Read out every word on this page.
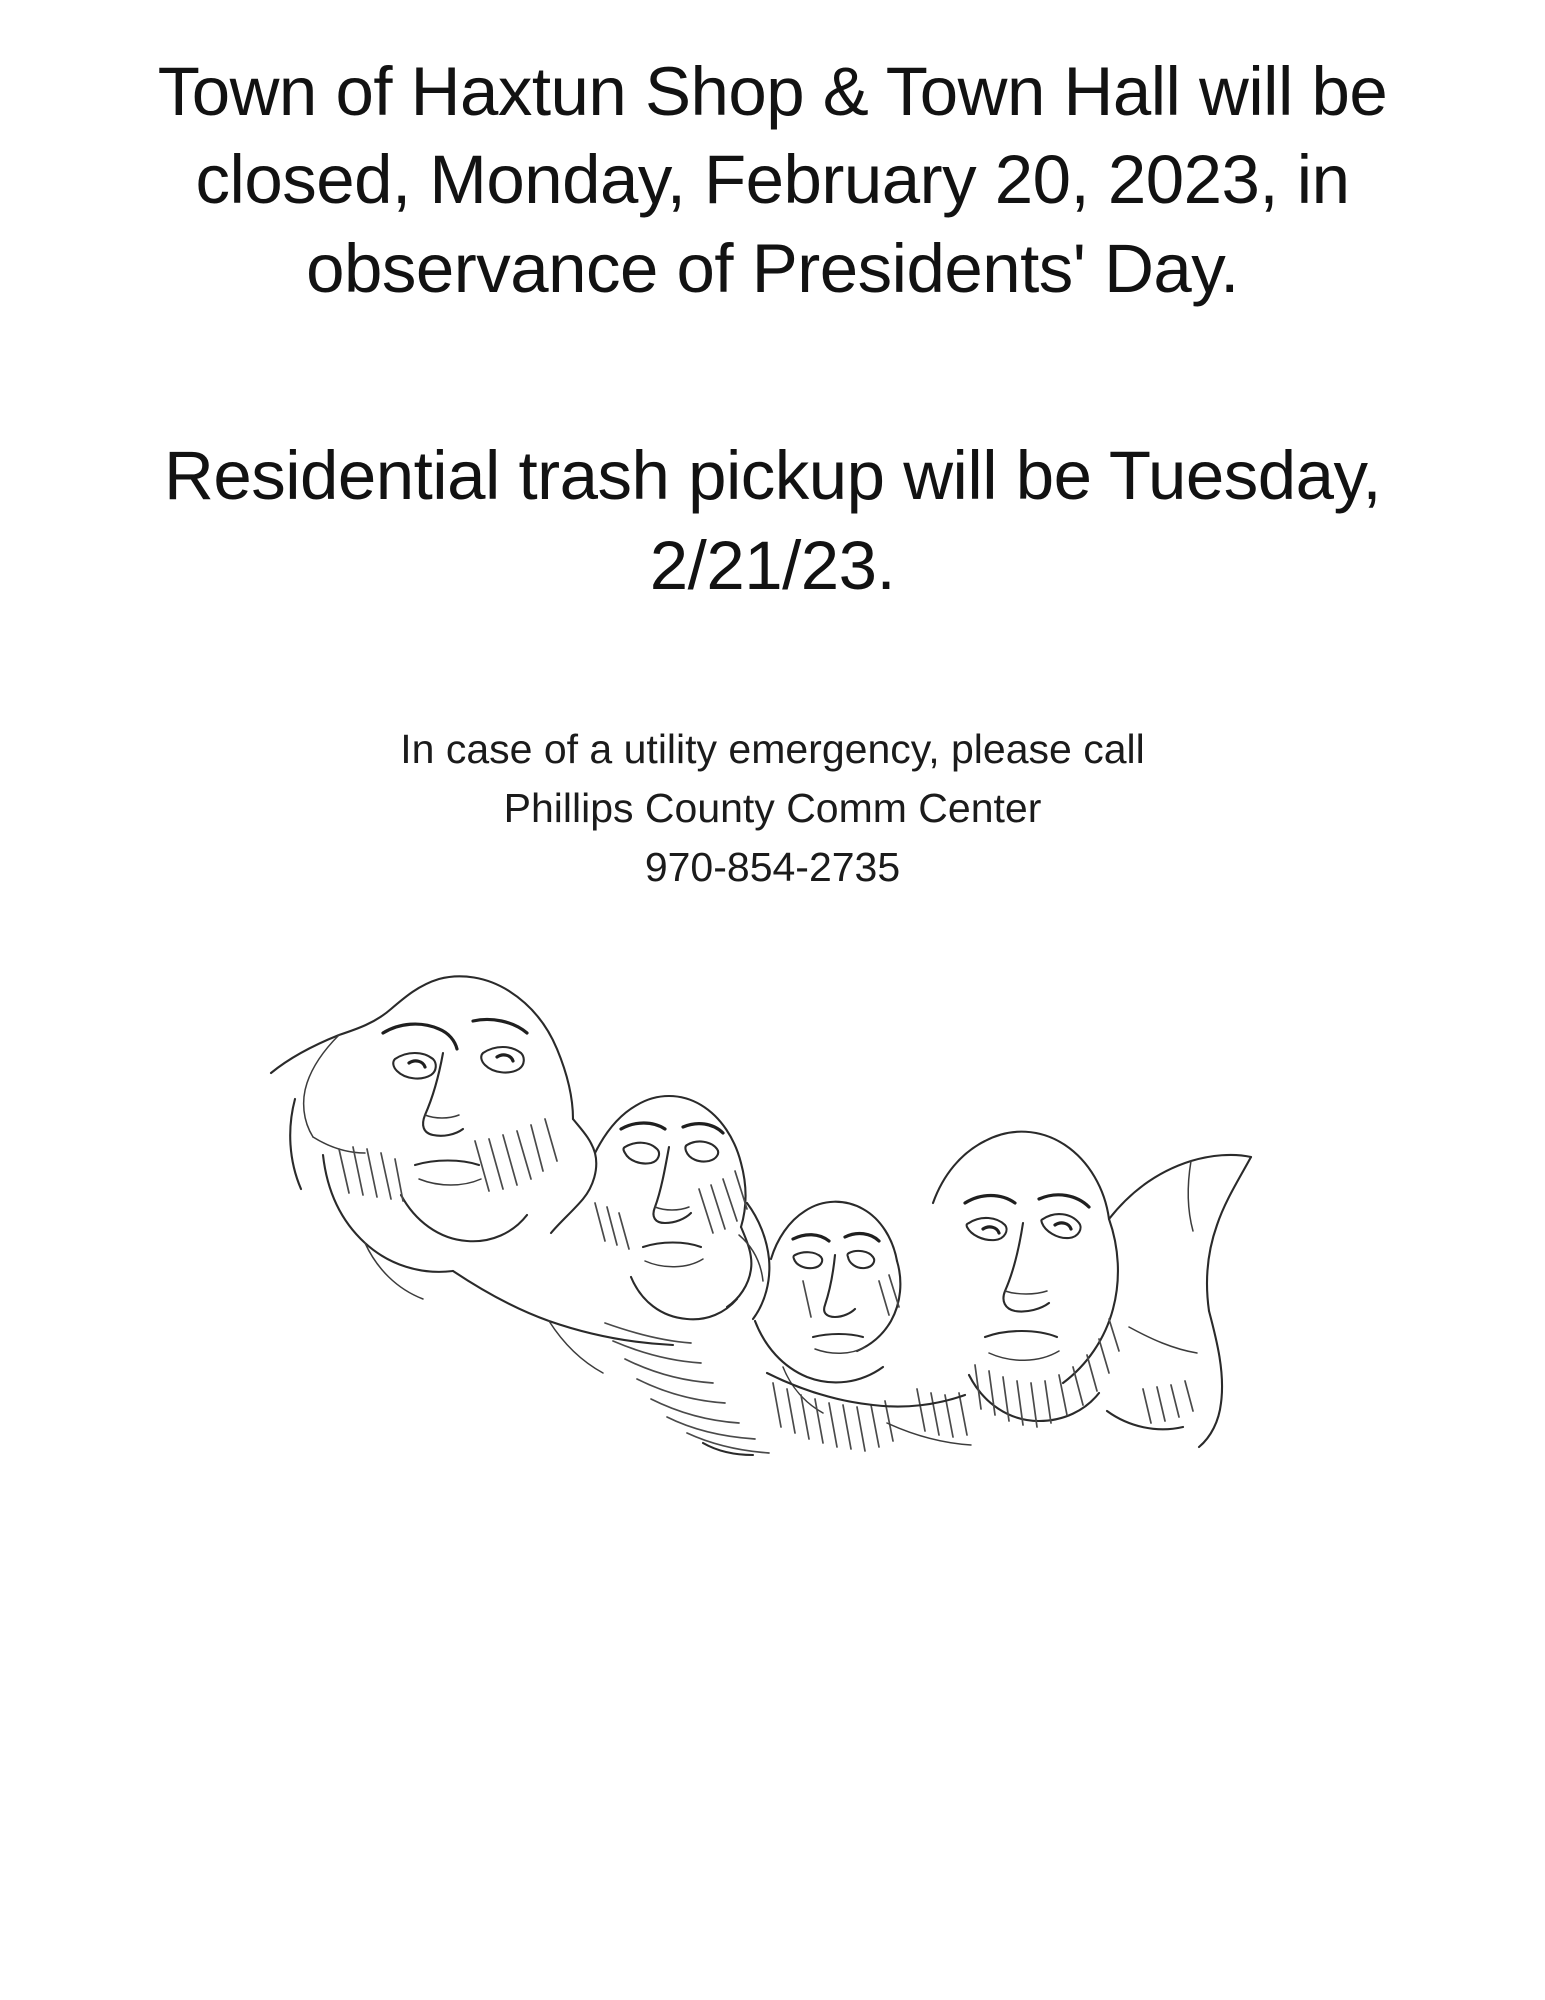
Town of Haxtun Shop & Town Hall will be closed, Monday, February 20, 2023, in observance of Presidents' Day.

Residential trash pickup will be Tuesday, 2/21/23.

In case of a utility emergency, please call

Phillips County Comm Center

970-854-2735
